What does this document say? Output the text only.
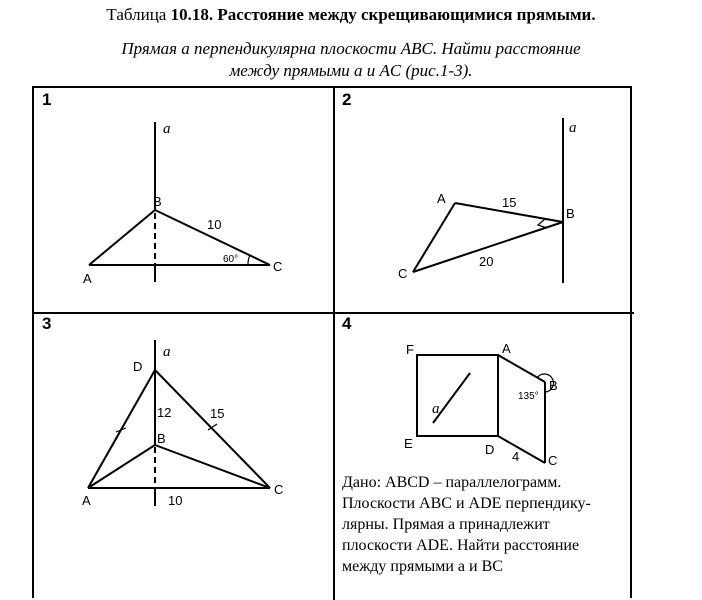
Таблица 10.18. Расстояние между скрещивающимися прямыми.
Прямая a перпендикулярна плоскости ABC. Найти расстояние
между прямыми a и AC (рис.1-3).
1	2
3	4
a
A
B
C
10
60°
a
A
B
C
15
20
a
D
B
A
C
12	15
10
F	A
B
E	D
C
a
4
135°

Дано: ABCD – параллелограмм.

Плоскости ABC и ADE перпендику-

лярны. Прямая a принадлежит

плоскости ADE. Найти расстояние

между прямыми a и BC
